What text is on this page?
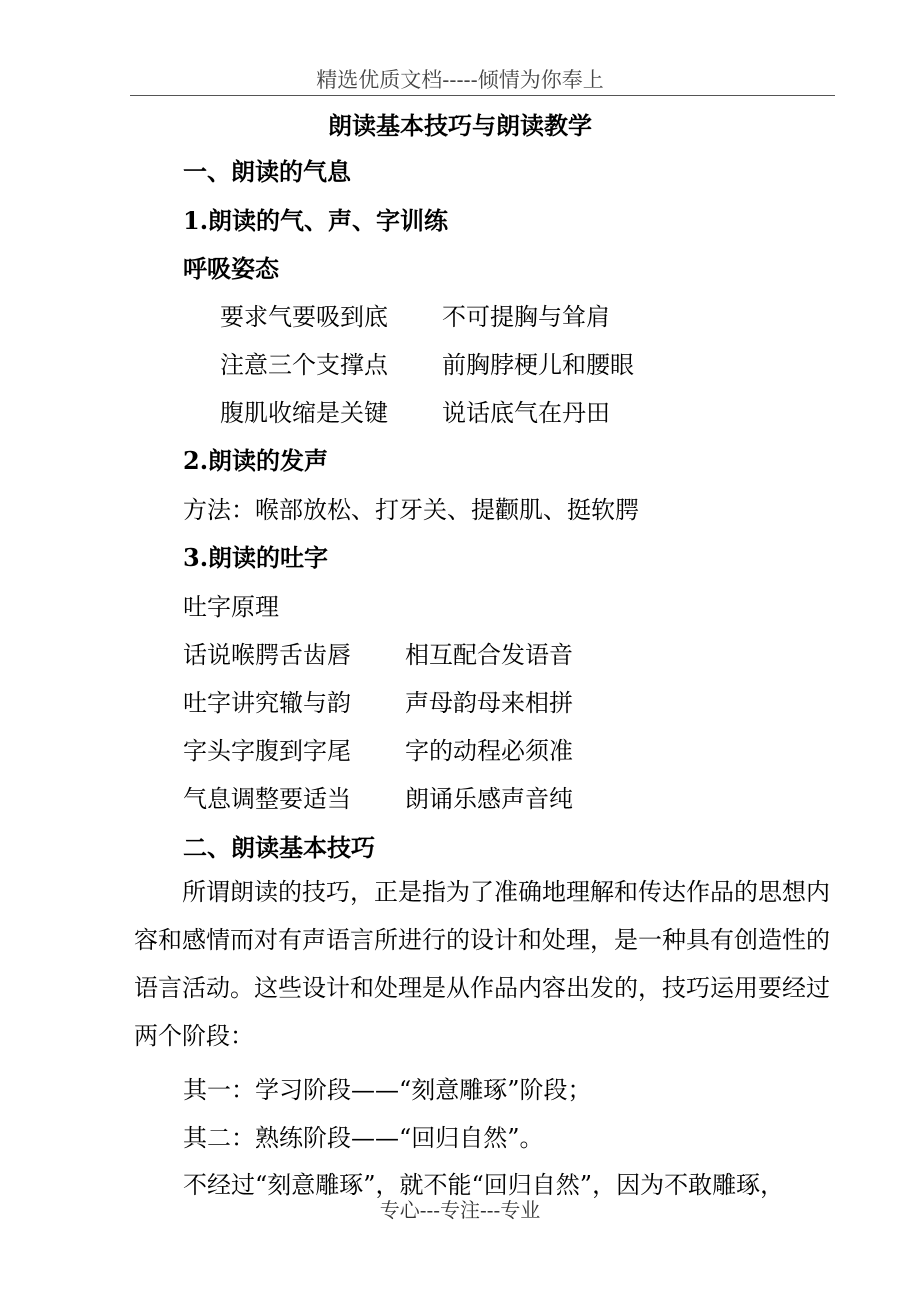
精选优质文档-----倾情为你奉上
朗读基本技巧与朗读教学
一、朗读的气息
1.朗读的气、声、字训练
呼吸姿态
要求气要吸到底 不可提胸与耸肩
注意三个支撑点 前胸脖梗儿和腰眼
腹肌收缩是关键 说话底气在丹田
2.朗读的发声
方法：喉部放松、打牙关、提颧肌、挺软腭
3.朗读的吐字
吐字原理
话说喉腭舌齿唇 相互配合发语音
吐字讲究辙与韵 声母韵母来相拼
字头字腹到字尾 字的动程必须准
气息调整要适当 朗诵乐感声音纯
二、朗读基本技巧

所谓朗读的技巧，正是指为了准确地理解和传达作品的思想内容和感情而对有声语言所进行的设计和处理，是一种具有创造性的语言活动。这些设计和处理是从作品内容出发的，技巧运用要经过两个阶段：

其一：学习阶段——“刻意雕琢”阶段；
其二：熟练阶段——“回归自然”。
不经过“刻意雕琢”，就不能“回归自然”，因为不敢雕琢，
专心---专注---专业
